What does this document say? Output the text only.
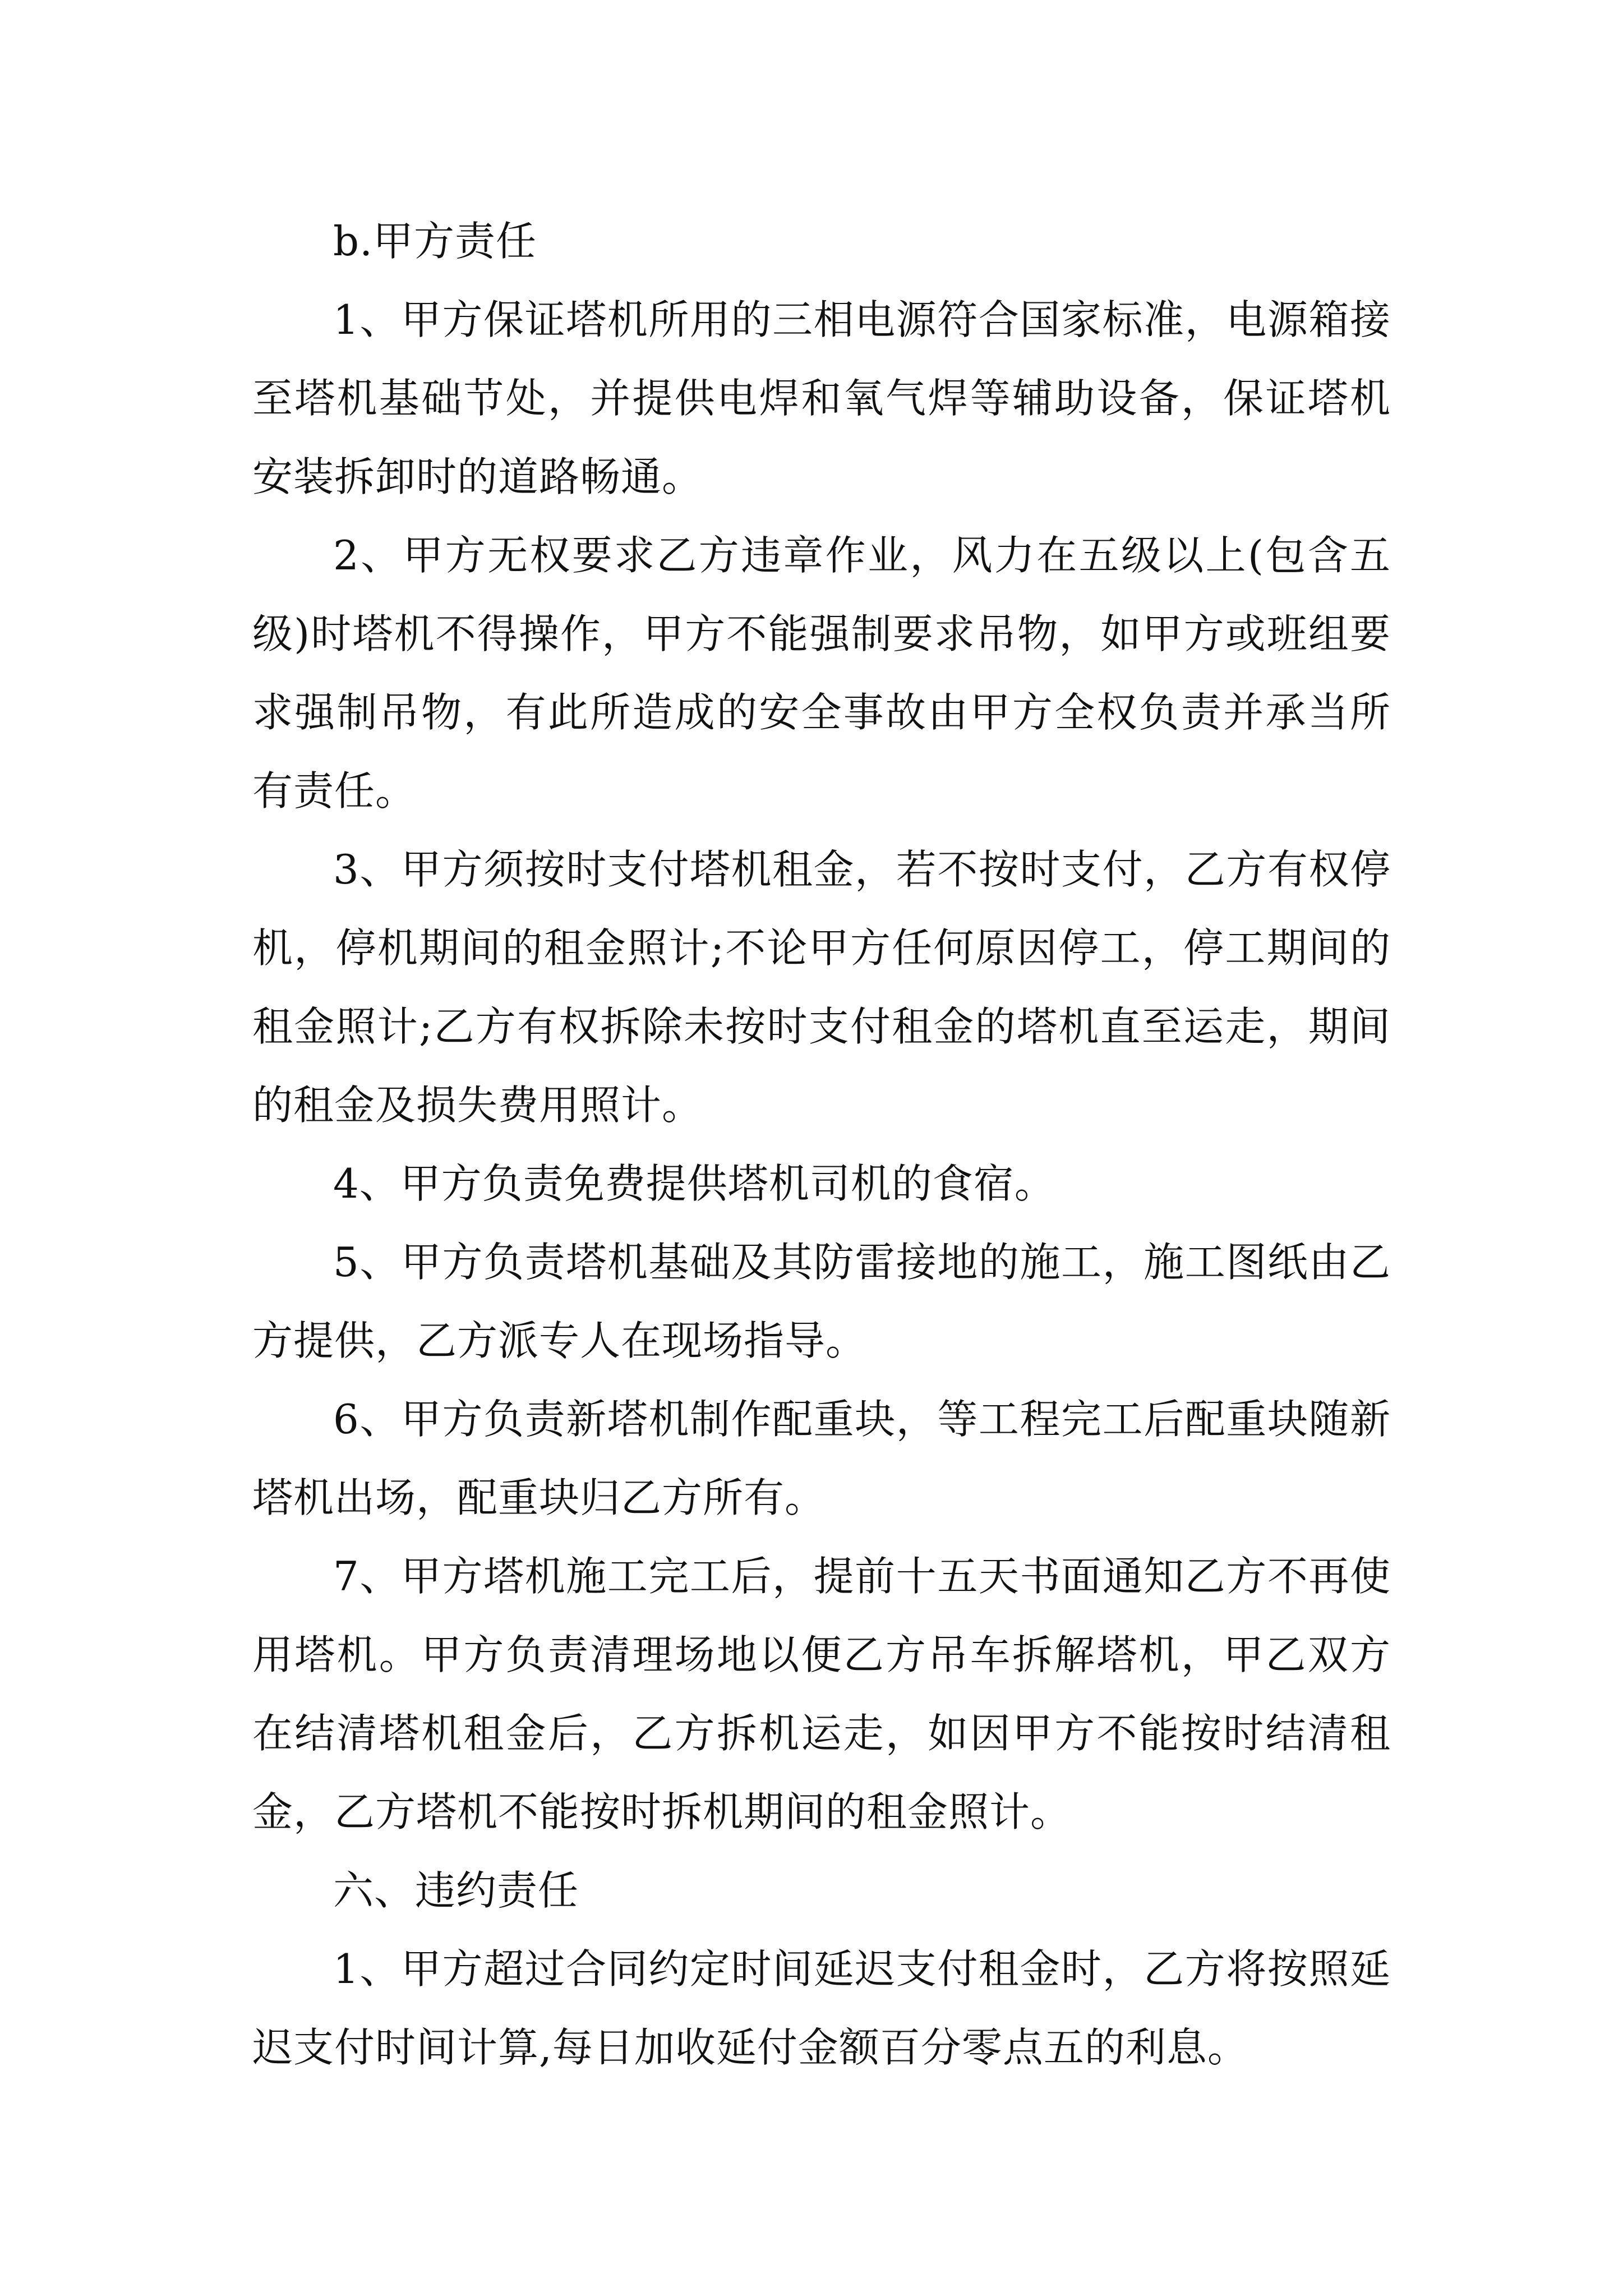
b.甲方责任

1、甲方保证塔机所用的三相电源符合国家标准，电源箱接至塔机基础节处，并提供电焊和氧气焊等辅助设备，保证塔机安装拆卸时的道路畅通。

2、甲方无权要求乙方违章作业，风力在五级以上(包含五级)时塔机不得操作，甲方不能强制要求吊物，如甲方或班组要求强制吊物，有此所造成的安全事故由甲方全权负责并承当所有责任。

3、甲方须按时支付塔机租金，若不按时支付，乙方有权停机，停机期间的租金照计;不论甲方任何原因停工，停工期间的租金照计;乙方有权拆除未按时支付租金的塔机直至运走，期间的租金及损失费用照计。

4、甲方负责免费提供塔机司机的食宿。

5、甲方负责塔机基础及其防雷接地的施工，施工图纸由乙方提供，乙方派专人在现场指导。

6、甲方负责新塔机制作配重块，等工程完工后配重块随新塔机出场，配重块归乙方所有。

7、甲方塔机施工完工后，提前十五天书面通知乙方不再使用塔机。甲方负责清理场地以便乙方吊车拆解塔机，甲乙双方在结清塔机租金后，乙方拆机运走，如因甲方不能按时结清租金，乙方塔机不能按时拆机期间的租金照计。

六、违约责任

1、甲方超过合同约定时间延迟支付租金时，乙方将按照延迟支付时间计算,每日加收延付金额百分零点五的利息。
